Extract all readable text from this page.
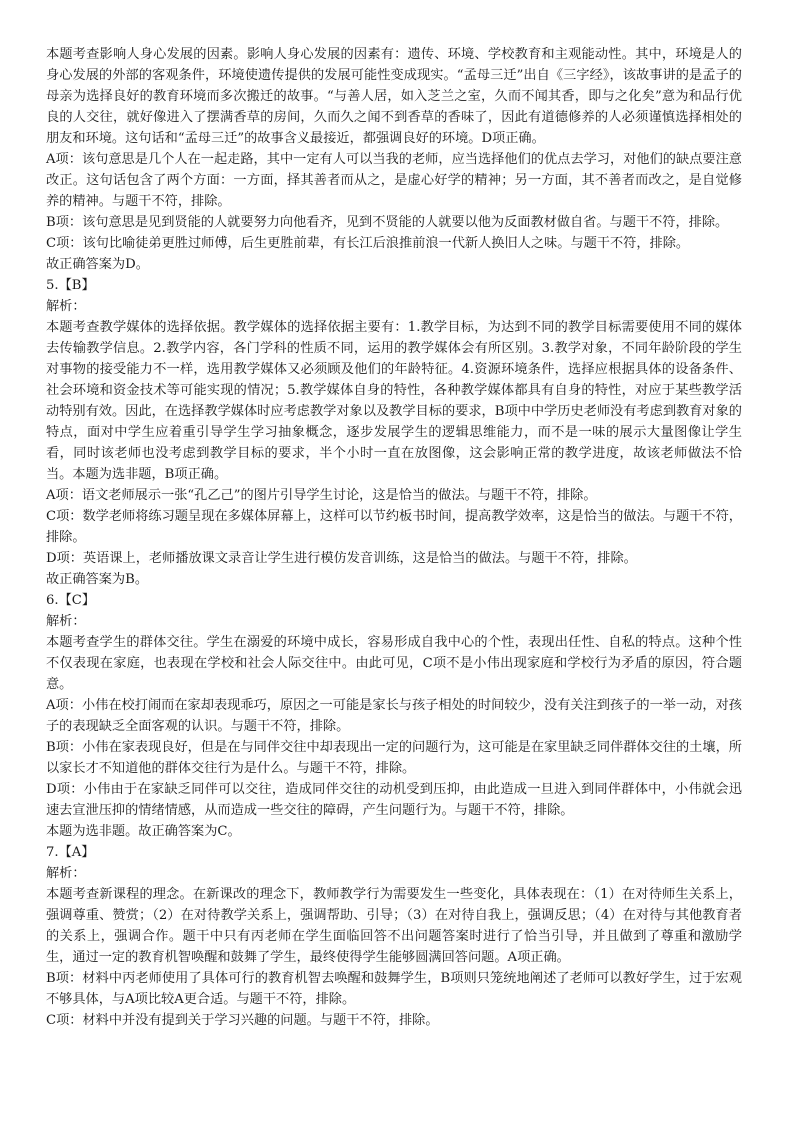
本题考查影响人身心发展的因素。影响人身心发展的因素有：遗传、环境、学校教育和主观能动性。其中，环境是人的身心发展的外部的客观条件，环境使遗传提供的发展可能性变成现实。“孟母三迁”出自《三字经》，该故事讲的是孟子的母亲为选择良好的教育环境而多次搬迁的故事。“与善人居，如入芝兰之室，久而不闻其香，即与之化矣”意为和品行优良的人交往，就好像进入了摆满香草的房间，久而久之闻不到香草的香味了，因此有道德修养的人必须谨慎选择相处的朋友和环境。这句话和“孟母三迁”的故事含义最接近，都强调良好的环境。D项正确。

A项：该句意思是几个人在一起走路，其中一定有人可以当我的老师，应当选择他们的优点去学习，对他们的缺点要注意改正。这句话包含了两个方面：一方面，择其善者而从之，是虚心好学的精神；另一方面，其不善者而改之，是自觉修养的精神。与题干不符，排除。

B项：该句意思是见到贤能的人就要努力向他看齐，见到不贤能的人就要以他为反面教材做自省。与题干不符，排除。

C项：该句比喻徒弟更胜过师傅，后生更胜前辈，有长江后浪推前浪一代新人换旧人之味。与题干不符，排除。

故正确答案为D。

5.【B】

解析：

本题考查教学媒体的选择依据。教学媒体的选择依据主要有：1.教学目标，为达到不同的教学目标需要使用不同的媒体去传输教学信息。2.教学内容，各门学科的性质不同，运用的教学媒体会有所区别。3.教学对象，不同年龄阶段的学生对事物的接受能力不一样，选用教学媒体又必须顾及他们的年龄特征。4.资源环境条件，选择应根据具体的设备条件、社会环境和资金技术等可能实现的情况；5.教学媒体自身的特性，各种教学媒体都具有自身的特性，对应于某些教学活动特别有效。因此，在选择教学媒体时应考虑教学对象以及教学目标的要求，B项中中学历史老师没有考虑到教育对象的特点，面对中学生应着重引导学生学习抽象概念，逐步发展学生的逻辑思维能力，而不是一味的展示大量图像让学生看，同时该老师也没考虑到教学目标的要求，半个小时一直在放图像，这会影响正常的教学进度，故该老师做法不恰当。本题为选非题，B项正确。

A项：语文老师展示一张“孔乙己”的图片引导学生讨论，这是恰当的做法。与题干不符，排除。

C项：数学老师将练习题呈现在多媒体屏幕上，这样可以节约板书时间，提高教学效率，这是恰当的做法。与题干不符，排除。

D项：英语课上，老师播放课文录音让学生进行模仿发音训练，这是恰当的做法。与题干不符，排除。

故正确答案为B。

6.【C】

解析：

本题考查学生的群体交往。学生在溺爱的环境中成长，容易形成自我中心的个性，表现出任性、自私的特点。这种个性不仅表现在家庭，也表现在学校和社会人际交往中。由此可见，C项不是小伟出现家庭和学校行为矛盾的原因，符合题意。

A项：小伟在校打闹而在家却表现乖巧，原因之一可能是家长与孩子相处的时间较少，没有关注到孩子的一举一动，对孩子的表现缺乏全面客观的认识。与题干不符，排除。

B项：小伟在家表现良好，但是在与同伴交往中却表现出一定的问题行为，这可能是在家里缺乏同伴群体交往的土壤，所以家长才不知道他的群体交往行为是什么。与题干不符，排除。

D项：小伟由于在家缺乏同伴可以交往，造成同伴交往的动机受到压抑，由此造成一旦进入到同伴群体中，小伟就会迅速去宣泄压抑的情绪情感，从而造成一些交往的障碍，产生问题行为。与题干不符，排除。

本题为选非题。故正确答案为C。

7.【A】

解析：

本题考查新课程的理念。在新课改的理念下，教师教学行为需要发生一些变化，具体表现在：（1）在对待师生关系上，强调尊重、赞赏；（2）在对待教学关系上，强调帮助、引导；（3）在对待自我上，强调反思；（4）在对待与其他教育者的关系上，强调合作。题干中只有丙老师在学生面临回答不出问题答案时进行了恰当引导，并且做到了尊重和激励学生，通过一定的教育机智唤醒和鼓舞了学生，最终使得学生能够圆满回答问题。A项正确。

B项：材料中丙老师使用了具体可行的教育机智去唤醒和鼓舞学生，B项则只笼统地阐述了老师可以教好学生，过于宏观不够具体，与A项比较A更合适。与题干不符，排除。

C项：材料中并没有提到关于学习兴趣的问题。与题干不符，排除。
